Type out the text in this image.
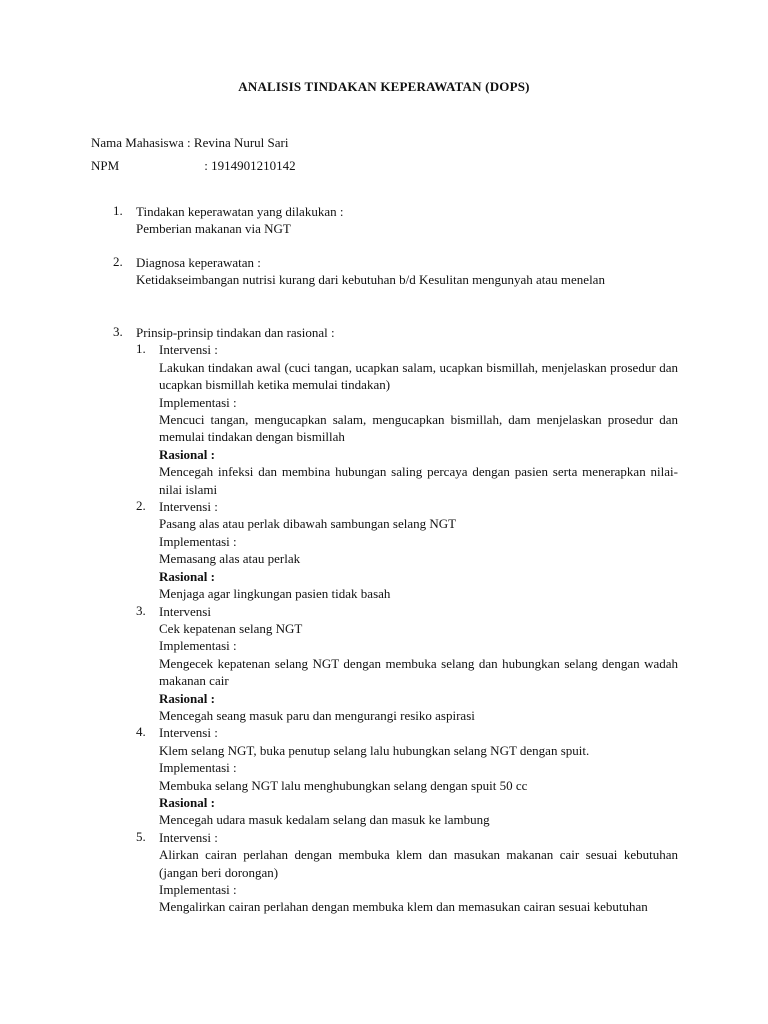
ANALISIS TINDAKAN KEPERAWATAN (DOPS)
Nama Mahasiswa : Revina Nurul Sari
NPM	: 1914901210142
1.	Tindakan keperawatan yang dilakukan :
Pemberian makanan via NGT
2.	Diagnosa keperawatan :
Ketidakseimbangan nutrisi kurang dari kebutuhan b/d Kesulitan mengunyah atau menelan
3.	Prinsip-prinsip tindakan dan rasional :
1.	Intervensi :
Lakukan tindakan awal (cuci tangan, ucapkan salam, ucapkan bismillah, menjelaskan prosedur dan ucapkan bismillah ketika memulai tindakan)
Implementasi :
Mencuci tangan, mengucapkan salam, mengucapkan bismillah, dam menjelaskan prosedur dan memulai tindakan dengan bismillah
Rasional :
Mencegah infeksi dan membina hubungan saling percaya dengan pasien serta menerapkan nilai-nilai islami
2.	Intervensi :
Pasang alas atau perlak dibawah sambungan selang NGT
Implementasi :
Memasang alas atau perlak
Rasional :
Menjaga agar lingkungan pasien tidak basah
3.	Intervensi
Cek kepatenan selang NGT
Implementasi :
Mengecek kepatenan selang NGT dengan membuka selang dan hubungkan selang dengan wadah makanan cair
Rasional :
Mencegah seang masuk paru dan mengurangi resiko aspirasi
4.	Intervensi :
Klem selang NGT, buka penutup selang lalu hubungkan selang NGT dengan spuit.
Implementasi :
Membuka selang NGT lalu menghubungkan selang dengan spuit 50 cc
Rasional :
Mencegah udara masuk kedalam selang dan masuk ke lambung
5.	Intervensi :
Alirkan cairan perlahan dengan membuka klem dan masukan makanan cair sesuai kebutuhan (jangan beri dorongan)
Implementasi :
Mengalirkan cairan perlahan dengan membuka klem dan memasukan cairan sesuai kebutuhan
